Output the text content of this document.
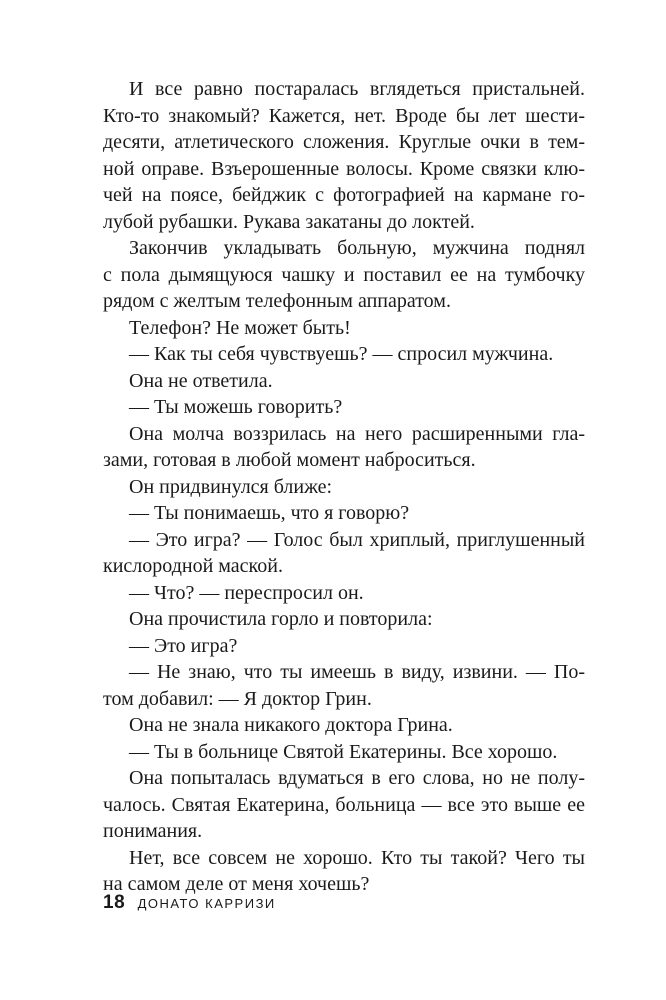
И все равно постаралась вглядеться пристальней.
Кто-то знакомый? Кажется, нет. Вроде бы лет шести-
десяти, атлетического сложения. Круглые очки в тем-
ной оправе. Взъерошенные волосы. Кроме связки клю-
чей на поясе, бейджик с фотографией на кармане го-
лубой рубашки. Рукава закатаны до локтей.
Закончив укладывать больную, мужчина поднял
с пола дымящуюся чашку и поставил ее на тумбочку
рядом с желтым телефонным аппаратом.
Телефон? Не может быть!
— Как ты себя чувствуешь? — спросил мужчина.
Она не ответила.
— Ты можешь говорить?
Она молча воззрилась на него расширенными гла-
зами, готовая в любой момент наброситься.
Он придвинулся ближе:
— Ты понимаешь, что я говорю?
— Это игра? — Голос был хриплый, приглушенный
кислородной маской.
— Что? — переспросил он.
Она прочистила горло и повторила:
— Это игра?
— Не знаю, что ты имеешь в виду, извини. — По-
том добавил: — Я доктор Грин.
Она не знала никакого доктора Грина.
— Ты в больнице Святой Екатерины. Все хорошо.
Она попыталась вдуматься в его слова, но не полу-
чалось. Святая Екатерина, больница — все это выше ее
понимания.
Нет, все совсем не хорошо. Кто ты такой? Чего ты
на самом деле от меня хочешь?
18 ДОНАТО КАРРИЗИ
